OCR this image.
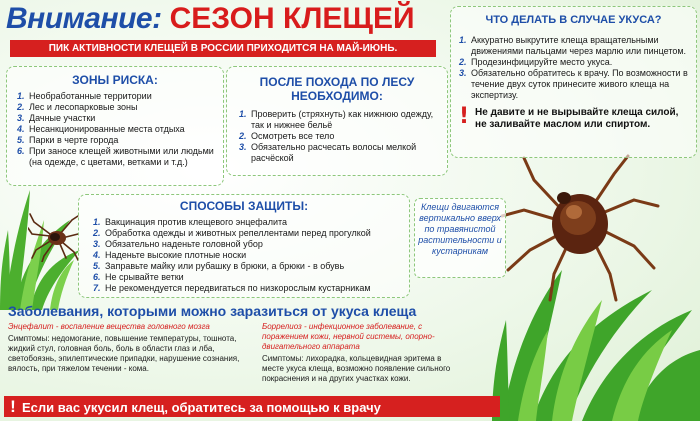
Внимание: СЕЗОН КЛЕЩЕЙ
ПИК АКТИВНОСТИ КЛЕЩЕЙ В РОССИИ ПРИХОДИТСЯ НА МАЙ-ИЮНЬ.
ЗОНЫ РИСКА:
1. Необработанные территории
2. Лес и лесопарковые зоны
3. Дачные участки
4. Несанкционированные места отдыха
5. Парки в черте города
6. При заносе клещей животными или людьми (на одежде, с цветами, ветками и т.д.)
ПОСЛЕ ПОХОДА ПО ЛЕСУ НЕОБХОДИМО:
1. Проверить (стряхнуть) как нижнюю одежду, так и нижнее бельё
2. Осмотреть все тело
3. Обязательно расчесать волосы мелкой расчёской
ЧТО ДЕЛАТЬ В СЛУЧАЕ УКУСА?
1. Аккуратно выкрутите клеща вращательными движениями пальцами через марлю или пинцетом.
2. Продезинфицируйте место укуса.
3. Обязательно обратитесь к врачу. По возможности в течение двух суток принесите живого клеща на экспертизу.
! Не давите и не вырывайте клеща силой, не заливайте маслом или спиртом.
СПОСОБЫ ЗАЩИТЫ:
1. Вакцинация против клещевого энцефалита
2. Обработка одежды и животных репеллентами перед прогулкой
3. Обязательно наденьте головной убор
4. Наденьте высокие плотные носки
5. Заправьте майку или рубашку в брюки, а брюки - в обувь
6. Не срывайте ветки
7. Не рекомендуется передвигаться по низкорослым кустарникам
Клещи двигаются вертикально вверх по травянистой растительности и кустарникам
Заболевания, которыми можно заразиться от укуса клеща
Энцефалит - воспаление вещества головного мозга
Симптомы: недомогание, повышение температуры, тошнота, жидкий стул, головная боль, боль в области глаз и лба, светобоязнь, эпилептические припадки, нарушение сознания, вялость, при тяжелом течении - кома.
Боррелиоз - инфекционное заболевание, с поражением кожи, нервной системы, опорно-двигательного аппарата
Симптомы: лихорадка, кольцевидная эритема в месте укуса клеща, возможно появление сильного покраснения и на других участках кожи.
! Если вас укусил клещ, обратитесь за помощью к врачу
